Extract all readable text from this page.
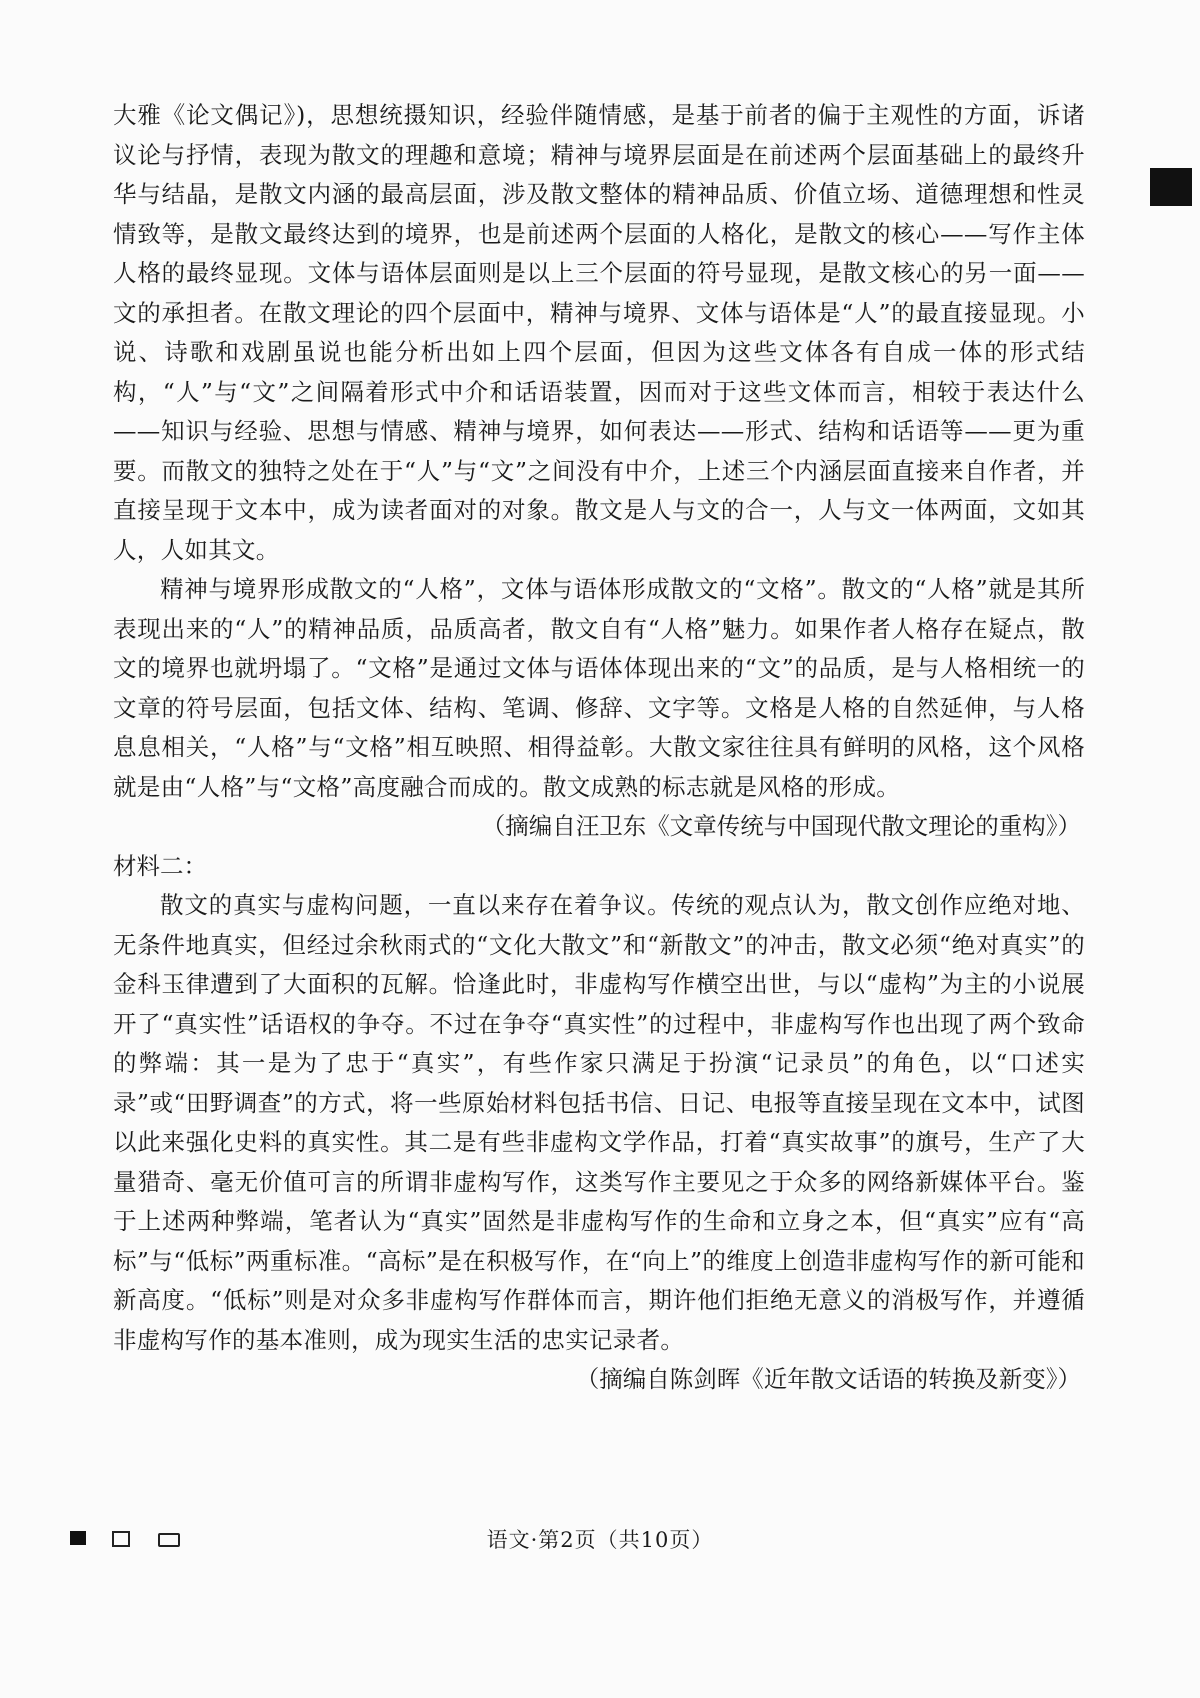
大雅《论文偶记》)，思想统摄知识，经验伴随情感，是基于前者的偏于主观性的方面，诉诸议论与抒情，表现为散文的理趣和意境；精神与境界层面是在前述两个层面基础上的最终升华与结晶，是散文内涵的最高层面，涉及散文整体的精神品质、价值立场、道德理想和性灵情致等，是散文最终达到的境界，也是前述两个层面的人格化，是散文的核心——写作主体人格的最终显现。文体与语体层面则是以上三个层面的符号显现，是散文核心的另一面——文的承担者。在散文理论的四个层面中，精神与境界、文体与语体是“人”的最直接显现。小说、诗歌和戏剧虽说也能分析出如上四个层面，但因为这些文体各有自成一体的形式结构，“人”与“文”之间隔着形式中介和话语装置，因而对于这些文体而言，相较于表达什么——知识与经验、思想与情感、精神与境界，如何表达——形式、结构和话语等——更为重要。而散文的独特之处在于“人”与“文”之间没有中介，上述三个内涵层面直接来自作者，并直接呈现于文本中，成为读者面对的对象。散文是人与文的合一，人与文一体两面，文如其人，人如其文。

精神与境界形成散文的“人格”，文体与语体形成散文的“文格”。散文的“人格”就是其所表现出来的“人”的精神品质，品质高者，散文自有“人格”魅力。如果作者人格存在疑点，散文的境界也就坍塌了。“文格”是通过文体与语体体现出来的“文”的品质，是与人格相统一的文章的符号层面，包括文体、结构、笔调、修辞、文字等。文格是人格的自然延伸，与人格息息相关，“人格”与“文格”相互映照、相得益彰。大散文家往往具有鲜明的风格，这个风格就是由“人格”与“文格”高度融合而成的。散文成熟的标志就是风格的形成。

（摘编自汪卫东《文章传统与中国现代散文理论的重构》）

材料二：

散文的真实与虚构问题，一直以来存在着争议。传统的观点认为，散文创作应绝对地、无条件地真实，但经过余秋雨式的“文化大散文”和“新散文”的冲击，散文必须“绝对真实”的金科玉律遭到了大面积的瓦解。恰逢此时，非虚构写作横空出世，与以“虚构”为主的小说展开了“真实性”话语权的争夺。不过在争夺“真实性”的过程中，非虚构写作也出现了两个致命的弊端：其一是为了忠于“真实”，有些作家只满足于扮演“记录员”的角色，以“口述实录”或“田野调查”的方式，将一些原始材料包括书信、日记、电报等直接呈现在文本中，试图以此来强化史料的真实性。其二是有些非虚构文学作品，打着“真实故事”的旗号，生产了大量猎奇、毫无价值可言的所谓非虚构写作，这类写作主要见之于众多的网络新媒体平台。鉴于上述两种弊端，笔者认为“真实”固然是非虚构写作的生命和立身之本，但“真实”应有“高标”与“低标”两重标准。“高标”是在积极写作，在“向上”的维度上创造非虚构写作的新可能和新高度。“低标”则是对众多非虚构写作群体而言，期许他们拒绝无意义的消极写作，并遵循非虚构写作的基本准则，成为现实生活的忠实记录者。

（摘编自陈剑晖《近年散文话语的转换及新变》）

语文·第2页（共10页）
